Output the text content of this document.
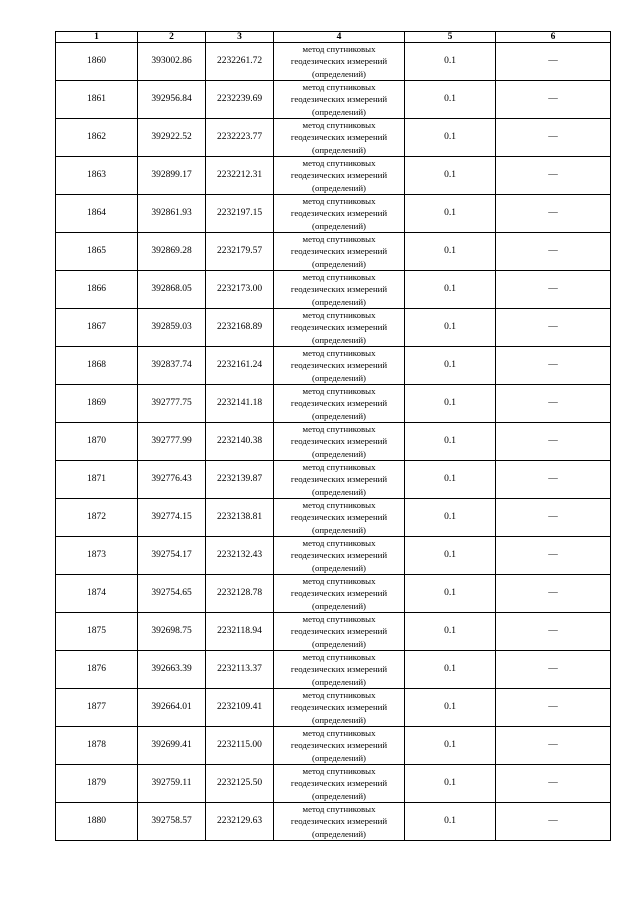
1	2	3	4	5	6
1860	393002.86	2232261.72	метод спутниковых
геодезических измерений
(определений)	0.1	—
1861	392956.84	2232239.69	метод спутниковых
геодезических измерений
(определений)	0.1	—
1862	392922.52	2232223.77	метод спутниковых
геодезических измерений
(определений)	0.1	—
1863	392899.17	2232212.31	метод спутниковых
геодезических измерений
(определений)	0.1	—
1864	392861.93	2232197.15	метод спутниковых
геодезических измерений
(определений)	0.1	—
1865	392869.28	2232179.57	метод спутниковых
геодезических измерений
(определений)	0.1	—
1866	392868.05	2232173.00	метод спутниковых
геодезических измерений
(определений)	0.1	—
1867	392859.03	2232168.89	метод спутниковых
геодезических измерений
(определений)	0.1	—
1868	392837.74	2232161.24	метод спутниковых
геодезических измерений
(определений)	0.1	—
1869	392777.75	2232141.18	метод спутниковых
геодезических измерений
(определений)	0.1	—
1870	392777.99	2232140.38	метод спутниковых
геодезических измерений
(определений)	0.1	—
1871	392776.43	2232139.87	метод спутниковых
геодезических измерений
(определений)	0.1	—
1872	392774.15	2232138.81	метод спутниковых
геодезических измерений
(определений)	0.1	—
1873	392754.17	2232132.43	метод спутниковых
геодезических измерений
(определений)	0.1	—
1874	392754.65	2232128.78	метод спутниковых
геодезических измерений
(определений)	0.1	—
1875	392698.75	2232118.94	метод спутниковых
геодезических измерений
(определений)	0.1	—
1876	392663.39	2232113.37	метод спутниковых
геодезических измерений
(определений)	0.1	—
1877	392664.01	2232109.41	метод спутниковых
геодезических измерений
(определений)	0.1	—
1878	392699.41	2232115.00	метод спутниковых
геодезических измерений
(определений)	0.1	—
1879	392759.11	2232125.50	метод спутниковых
геодезических измерений
(определений)	0.1	—
1880	392758.57	2232129.63	метод спутниковых
геодезических измерений
(определений)	0.1	—
